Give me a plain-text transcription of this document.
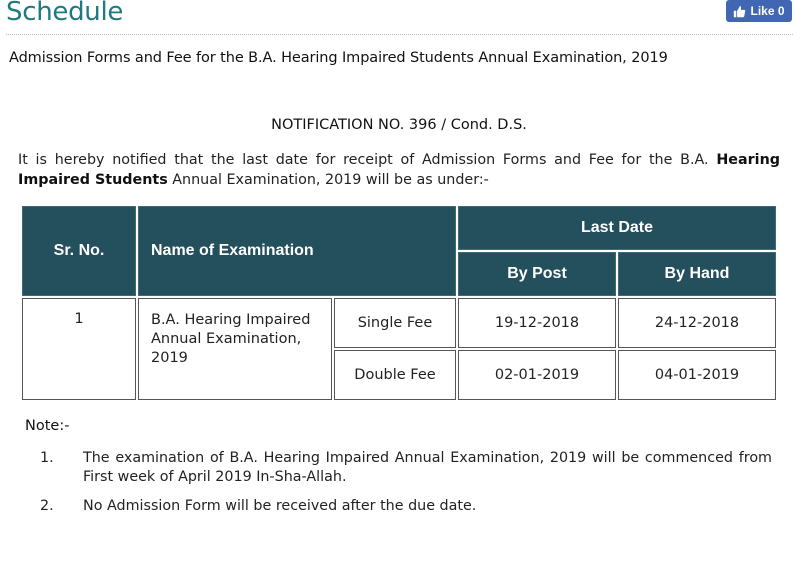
Schedule	Like 0
Admission Forms and Fee for the B.A. Hearing Impaired Students Annual Examination, 2019
NOTIFICATION NO. 396 / Cond. D.S.

It is hereby notified that the last date for receipt of Admission Forms and Fee for the B.A. Hearing Impaired Students Annual Examination, 2019 will be as under:-

Sr. No.	Name of Examination		Last Date	
			By Post	By Hand
1	B.A. Hearing Impaired Annual Examination, 2019	Single Fee	19-12-2018	24-12-2018
		Double Fee	02-01-2019	04-01-2019
Note:-
1.	The examination of B.A. Hearing Impaired Annual Examination, 2019 will be commenced from First week of April 2019 In-Sha-Allah.
2.	No Admission Form will be received after the due date.
